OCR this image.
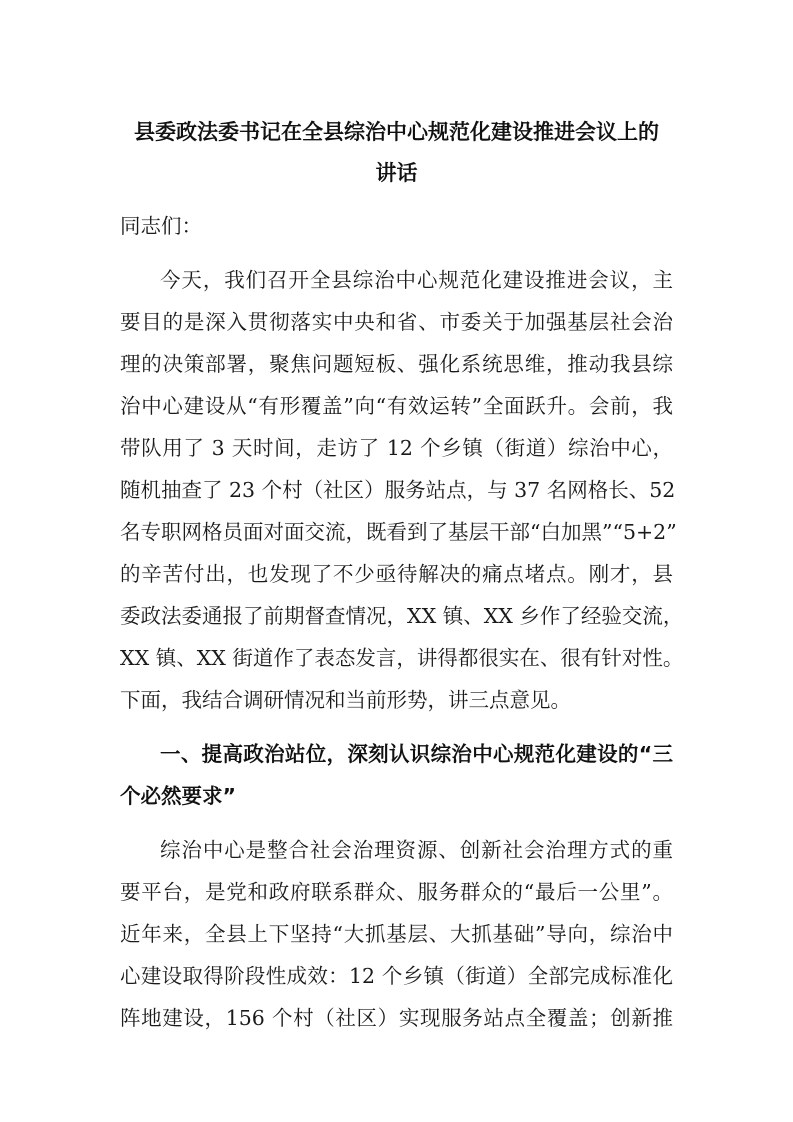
县委政法委书记在全县综治中心规范化建设推进会议上的
讲话
同志们：
今天，我们召开全县综治中心规范化建设推进会议，主
要目的是深入贯彻落实中央和省、市委关于加强基层社会治
理的决策部署，聚焦问题短板、强化系统思维，推动我县综
治中心建设从“有形覆盖”向“有效运转”全面跃升。会前，我
带队用了 3 天时间，走访了 12 个乡镇（街道）综治中心，
随机抽查了 23 个村（社区）服务站点，与 37 名网格长、52
名专职网格员面对面交流，既看到了基层干部“白加黑”“5+2”
的辛苦付出，也发现了不少亟待解决的痛点堵点。刚才，县
委政法委通报了前期督查情况，XX 镇、XX 乡作了经验交流，
XX 镇、XX 街道作了表态发言，讲得都很实在、很有针对性。
下面，我结合调研情况和当前形势，讲三点意见。
一、提高政治站位，深刻认识综治中心规范化建设的“三
个必然要求”
综治中心是整合社会治理资源、创新社会治理方式的重
要平台，是党和政府联系群众、服务群众的“最后一公里”。
近年来，全县上下坚持“大抓基层、大抓基础”导向，综治中
心建设取得阶段性成效：12 个乡镇（街道）全部完成标准化
阵地建设，156 个村（社区）实现服务站点全覆盖；创新推
